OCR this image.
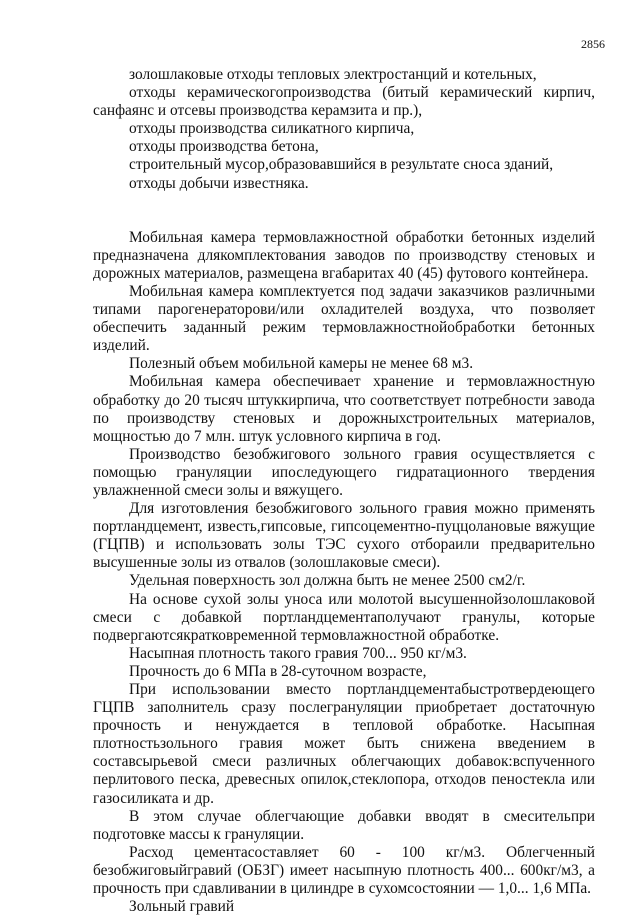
2856

золошлаковые отходы тепловых электростанций и котельных,

отходы керамическогопроизводства (битый керамический кирпич, санфаянс и отсевы производства керамзита и пр.),

отходы производства силикатного кирпича,

отходы производства бетона,

строительный мусор,образовавшийся в результате сноса зданий,

отходы добычи известняка.

Мобильная камера термовлажностной обработки бетонных изделий предназначена длякомплектования заводов по производству стеновых и дорожных материалов, размещена вгабаритах 40 (45) футового контейнера.

Мобильная камера комплектуется под задачи заказчиков различными типами парогенераторови/или охладителей воздуха, что позволяет обеспечить заданный режим термовлажностнойобработки бетонных изделий.

Полезный объем мобильной камеры не менее 68 м3.

Мобильная камера обеспечивает хранение и термовлажностную обработку до 20 тысяч штуккирпича, что соответствует потребности завода по производству стеновых и дорожныхстроительных материалов, мощностью до 7 млн. штук условного кирпича в год.

Производство безобжигового зольного гравия осуществляется с помощью грануляции ипоследующего гидратационного твердения увлажненной смеси золы и вяжущего.

Для изготовления безобжигового зольного гравия можно применять портландцемент, известь,гипсовые, гипсоцементно-пуццолановые вяжущие (ГЦПВ) и использовать золы ТЭС сухого отбораили предварительно высушенные золы из отвалов (золошлаковые смеси).

Удельная поверхность зол должна быть не менее 2500 см2/г.

На основе сухой золы уноса или молотой высушеннойзолошлаковой смеси с добавкой портландцементаполучают гранулы, которые подвергаютсякратковременной термовлажностной обработке.

Насыпная плотность такого гравия 700... 950 кг/м3.

Прочность до 6 МПа в 28-суточном возрасте,

При использовании вместо портландцементабыстротвердеющего ГЦПВ заполнитель сразу послегрануляции приобретает достаточную прочность и ненуждается в тепловой обработке. Насыпная плотностьзольного гравия может быть снижена введением в составсырьевой смеси различных облегчающих добавок:вспученного перлитового песка, древесных опилок,стеклопора, отходов пеностекла или газосиликата и др.

В этом случае облегчающие добавки вводят в смесительпри подготовке массы к грануляции.

Расход цементасоставляет 60 - 100 кг/м3. Облегченный безобжиговыйгравий (ОБЗГ) имеет насыпную плотность 400... 600кг/м3, а прочность при сдавливании в цилиндре в сухомсостоянии — 1,0... 1,6 МПа.

Зольный гравий
